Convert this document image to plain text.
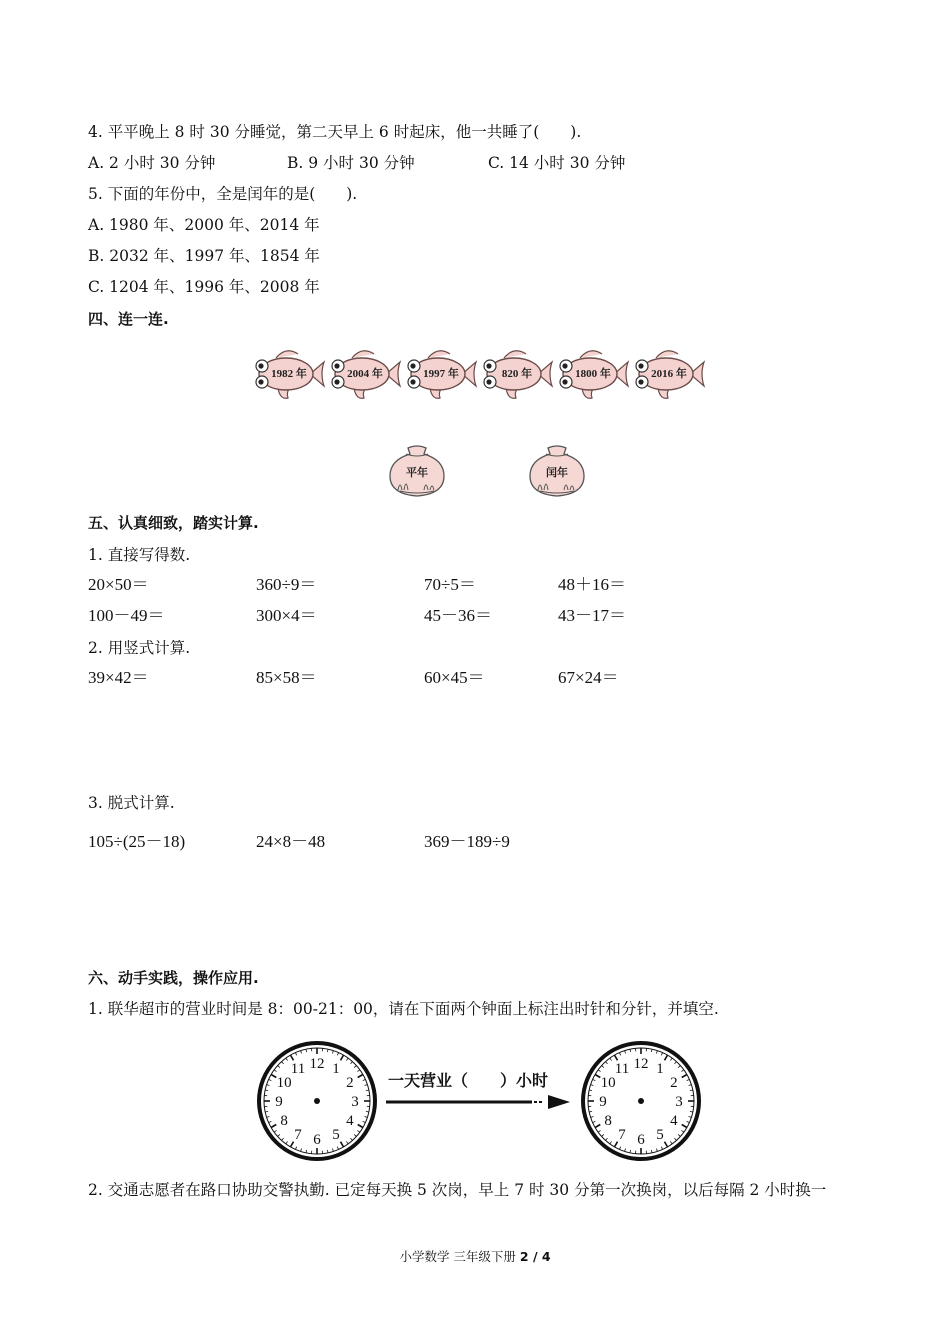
4. 平平晚上 8 时 30 分睡觉，第二天早上 6 时起床，他一共睡了(　　).
A. 2 小时 30 分钟	B. 9 小时 30 分钟	C. 14 小时 30 分钟
5. 下面的年份中，全是闰年的是(　　).
A. 1980 年、2000 年、2014 年
B. 2032 年、1997 年、1854 年
C. 1204 年、1996 年、2008 年
四、连一连.
1982 年	2004 年	1997 年	820 年	1800 年	2016 年
平年	闰年
五、认真细致，踏实计算.
1. 直接写得数.
20×50＝	360÷9＝	70÷5＝	48＋16＝
100－49＝	300×4＝	45－36＝	43－17＝
2. 用竖式计算.
39×42＝	85×58＝	60×45＝	67×24＝
3. 脱式计算.
105÷(25－18)	24×8－48	369－189÷9
六、动手实践，操作应用.
1. 联华超市的营业时间是 8：00-21：00，请在下面两个钟面上标注出时针和分针，并填空.
1
2
3
4
5
6
7
8
9
10
11 12
一天营业（　　）小时
1
2
3
4
5
6
7
8
9
10
11 12
2. 交通志愿者在路口协助交警执勤. 已定每天换 5 次岗，早上 7 时 30 分第一次换岗，以后每隔 2 小时换一
小学数学 三年级下册 2 / 4
